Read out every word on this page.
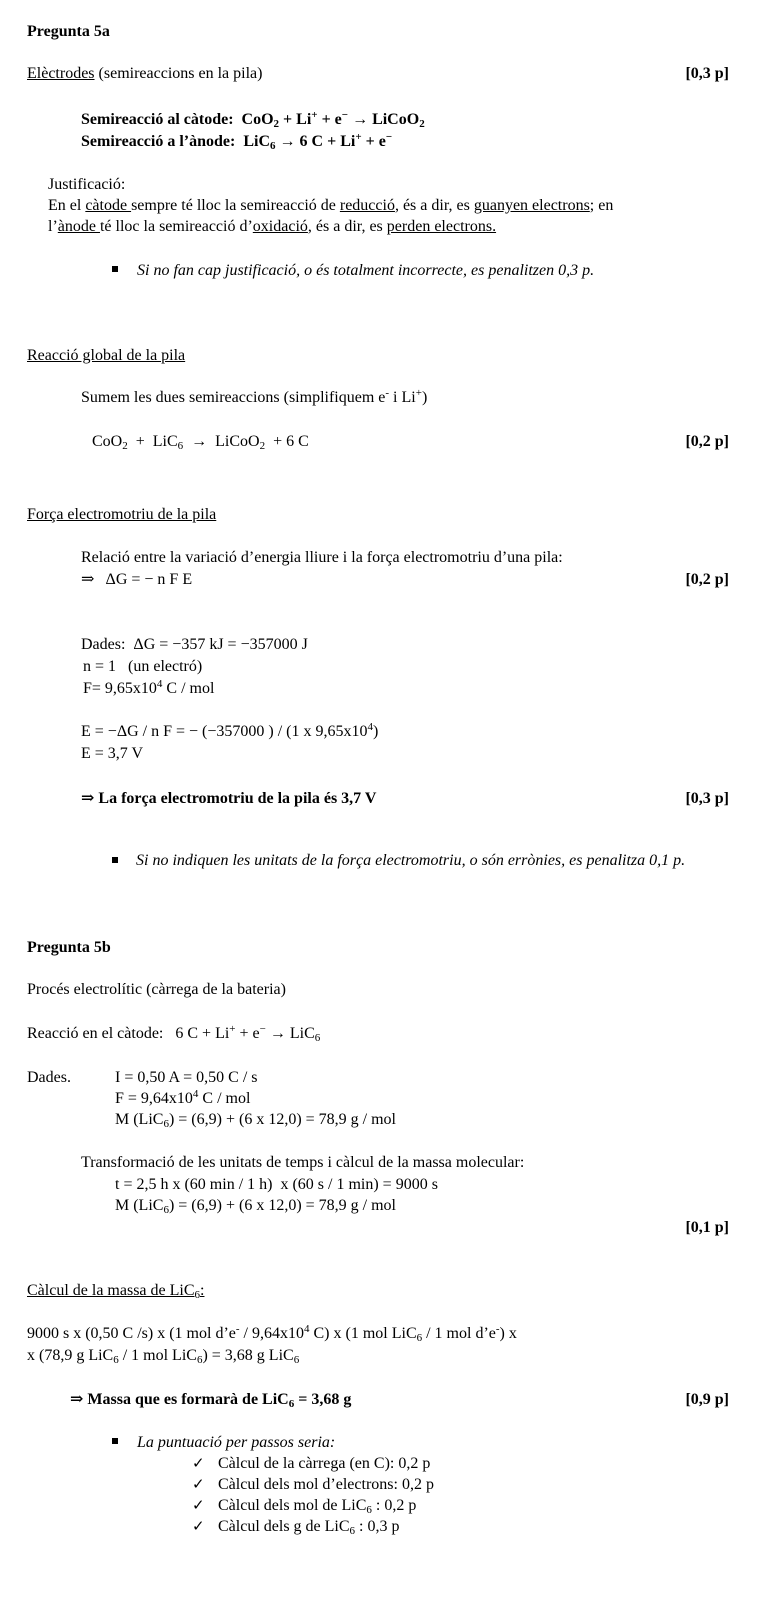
Pregunta 5a
Elèctrodes (semireaccions en la pila)	[0,3 p]
Semireacció al càtode: CoO$_2$ + Li+ + e− → LiCoO$_2$
Semireacció a l’ànode: LiC$_6$ → 6 C + Li+ + e−
Justificació:
En el càtode sempre té lloc la semireacció de reducció, és a dir, es guanyen electrons; en
l’ànode té lloc la semireacció d’oxidació, és a dir, es perden electrons.
Si no fan cap justificació, o és totalment incorrecte, es penalitzen 0,3 p.
Reacció global de la pila
Sumem les dues semireaccions (simplifiquem e- i Li+)
CoO$_2$  +  LiC$_6$  →  LiCoO$_2$  + 6 C	[0,2 p]
Força electromotriu de la pila
Relació entre la variació d’energia lliure i la força electromotriu d’una pila:
⇒   ΔG = − n F E	[0,2 p]
Dades:  ΔG = −357 kJ = −357000 J
n = 1   (un electró)
$F= 9,65x10^4$ C / mol
E = −ΔG / n F = − (−357000 ) / (1 x $9,65x10^4$)
E = 3,7 V
⇒ La força electromotriu de la pila és 3,7 V	[0,3 p]
Si no indiquen les unitats de la força electromotriu, o són errònies, es penalitza 0,1 p.
Pregunta 5b
Procés electrolític (càrrega de la bateria)
Reacció en el càtode:   6 C + Li+ + e− → LiC$_6$
Dades.	I = 0,50 A = 0,50 C / s
$F = 9,64x10^4$ C / mol
M (LiC$_6$) = (6,9) + (6 x 12,0) = 78,9 g / mol
Transformació de les unitats de temps i càlcul de la massa molecular:
t = 2,5 h x (60 min / 1 h)  x (60 s / 1 min) = 9000 s
M (LiC$_6$) = (6,9) + (6 x 12,0) = 78,9 g / mol
[0,1 p]
Càlcul de la massa de LiC$_6$:
9000 s x (0,50 C /s) x (1 mol d’e- / $9,64x10^4$ C) x (1 mol LiC$_6$ / 1 mol d’e-) x
x (78,9 g LiC$_6$ / 1 mol LiC$_6$) = 3,68 g LiC$_6$
⇒ Massa que es formarà de LiC$_6$ = 3,68 g	[0,9 p]
La puntuació per passos seria:
✓ Càlcul de la càrrega (en C): 0,2 p
✓ Càlcul dels mol d’electrons: 0,2 p
✓ Càlcul dels mol de LiC$_6$ : 0,2 p
✓ Càlcul dels g de LiC$_6$ : 0,3 p
